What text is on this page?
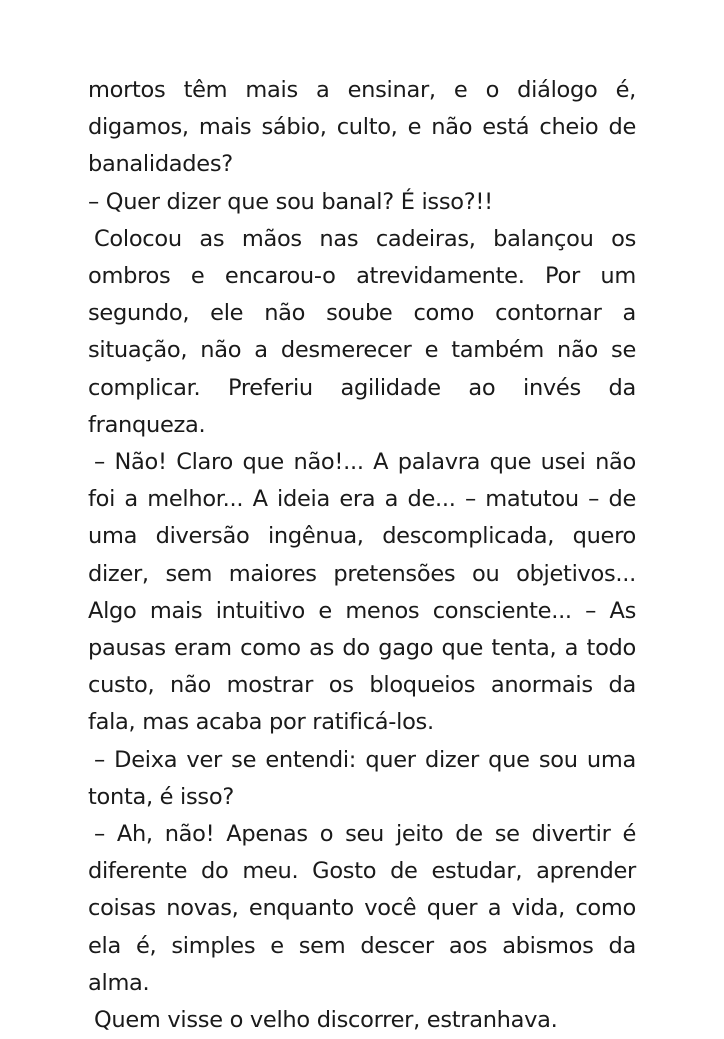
mortos têm mais a ensinar, e o diálogo é, digamos, mais sábio, culto, e não está cheio de banalidades?

– Quer dizer que sou banal? É isso?!!

Colocou as mãos nas cadeiras, balançou os ombros e encarou-o atrevidamente. Por um segundo, ele não soube como contornar a situação, não a desmerecer e também não se complicar. Preferiu agilidade ao invés da franqueza.

– Não! Claro que não!... A palavra que usei não foi a melhor... A ideia era a de... – matutou – de uma diversão ingênua, descomplicada, quero dizer, sem maiores pretensões ou objetivos... Algo mais intuitivo e menos consciente... – As pausas eram como as do gago que tenta, a todo custo, não mostrar os bloqueios anormais da fala, mas acaba por ratificá-los.

– Deixa ver se entendi: quer dizer que sou uma tonta, é isso?

– Ah, não! Apenas o seu jeito de se divertir é diferente do meu. Gosto de estudar, aprender coisas novas, enquanto você quer a vida, como ela é, simples e sem descer aos abismos da alma.

Quem visse o velho discorrer, estranhava.
